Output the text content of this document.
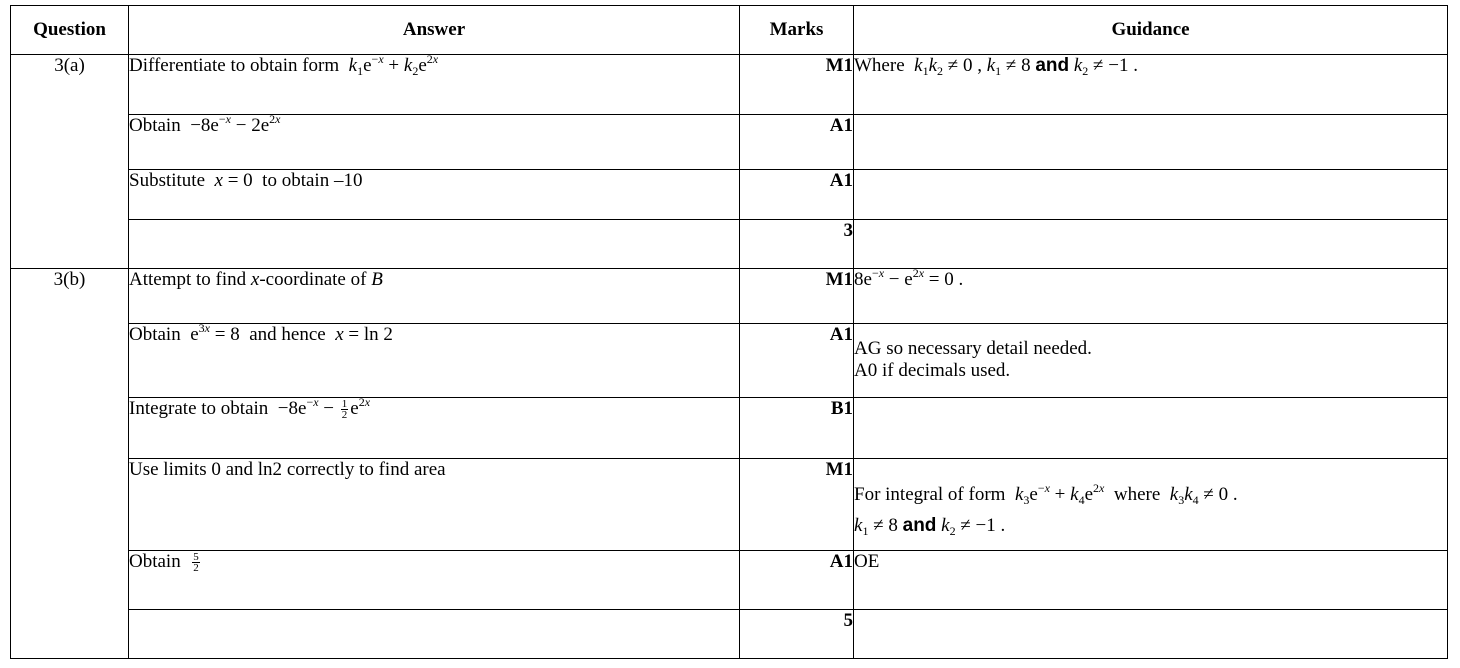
Question	Answer	Marks	Guidance
3(a)	Differentiate to obtain form $k_1e^{-x} + k_2e^{2x}$	M1	Where $k_1k_2 \ne 0$ , $k_1 \ne 8$ and $k_2 \ne -1$ .
	Obtain  $-8e^{-x} - 2e^{2x}$	A1	
	Substitute x = 0  to obtain –10	A1	
		3	
3(b)	Attempt to find x-coordinate of B	M1	$8e^{-x} - e^{2x} = 0$ .
	Obtain  $e^{3x} = 8$  and hence x = ln 2	A1	AG so necessary detail needed.
A0 if decimals used.

	Integrate to obtain  $-8e^{-x} - \frac{1}{2} e^{2x}$	B1	
	Use limits 0 and ln2 correctly to find area	M1	For integral of form $k_3e^{-x} + k_4e^{2x}$ where $k_3k_4 \ne 0$ .
$k_1 \ne 8$ and $k_2 \ne -1$ .

	Obtain $\frac{5}{2}$	A1	OE
		5	
